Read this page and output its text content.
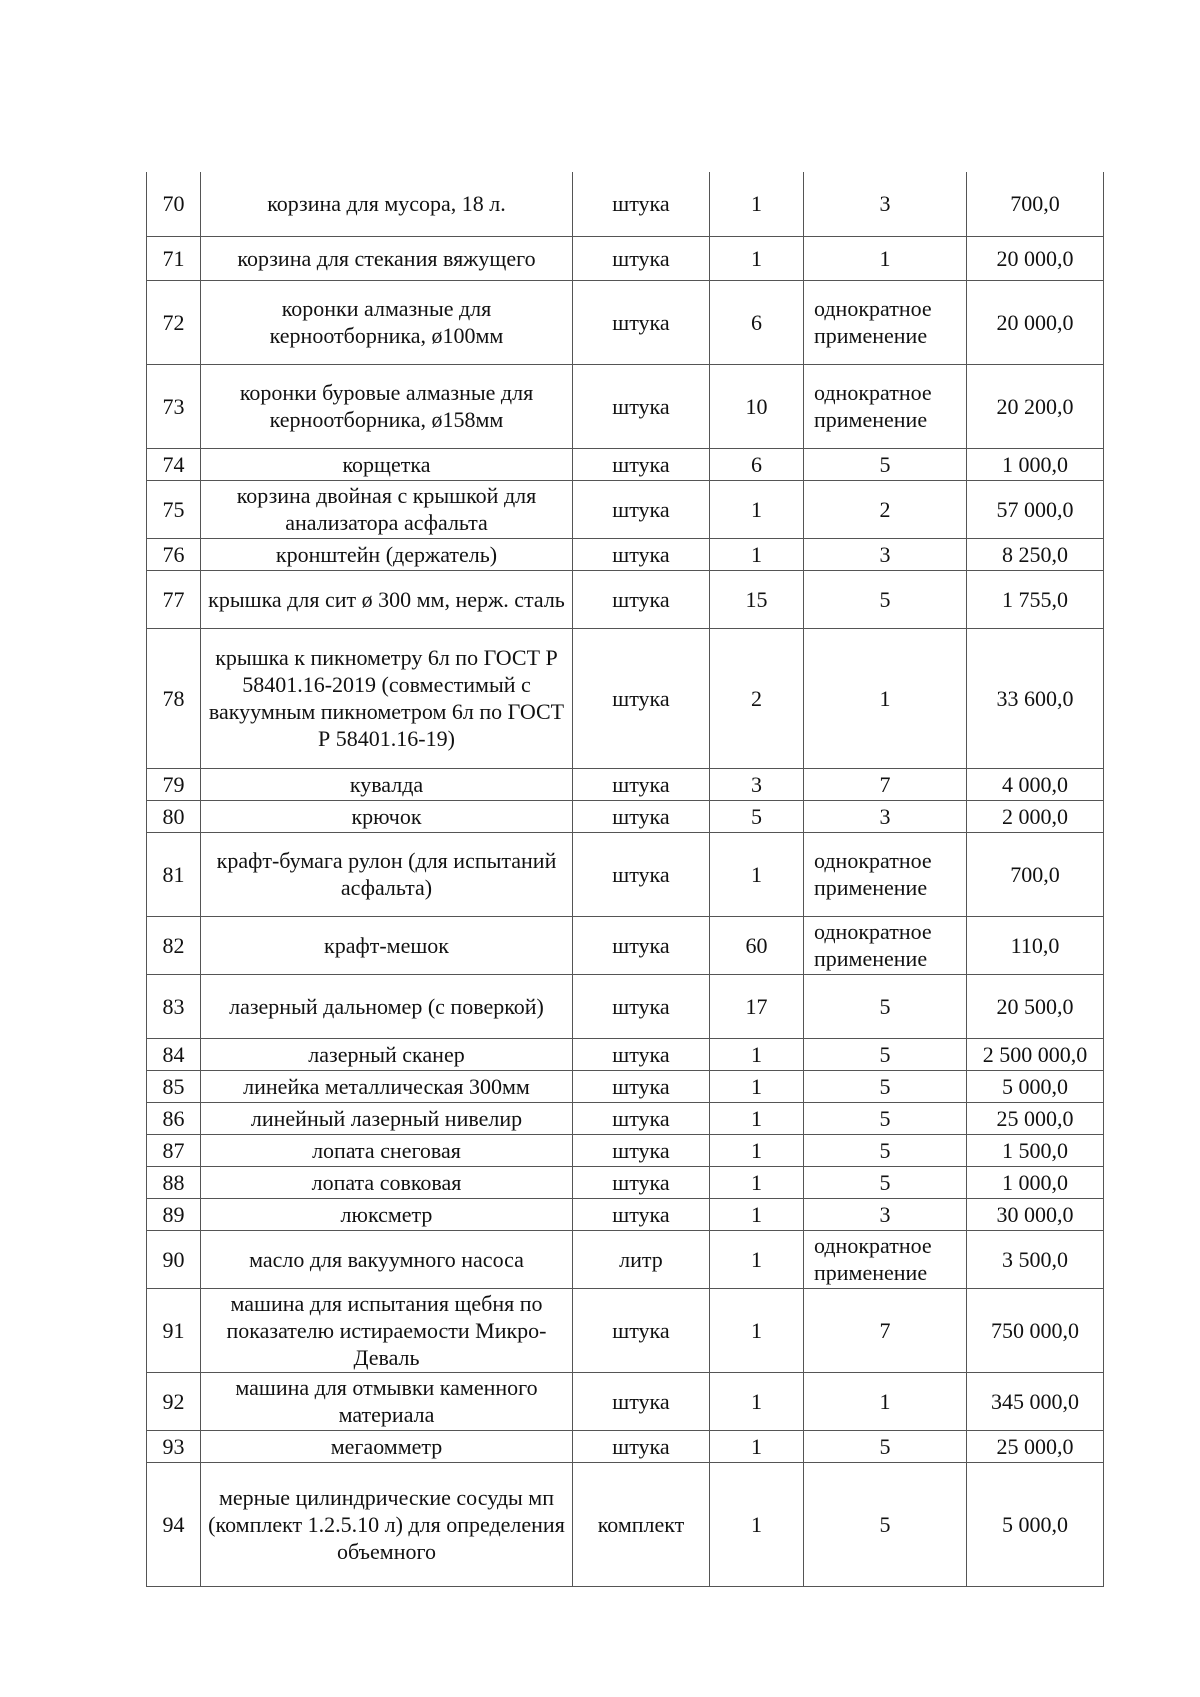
70	корзина для мусора, 18 л.	штука	1	3	700,0
71	корзина для стекания вяжущего	штука	1	1	20 000,0
72	коронки алмазные для керноотборника, ø100мм	штука	6	однократное применение	20 000,0
73	коронки буровые алмазные для керноотборника, ø158мм	штука	10	однократное применение	20 200,0
74	корщетка	штука	6	5	1 000,0
75	корзина двойная с крышкой для анализатора асфальта	штука	1	2	57 000,0
76	кронштейн (держатель)	штука	1	3	8 250,0
77	крышка для сит ø 300 мм, нерж. сталь	штука	15	5	1 755,0
78	крышка к пикнометру 6л по ГОСТ Р 58401.16-2019 (совместимый с вакуумным пикнометром 6л по ГОСТ Р 58401.16-19)	штука	2	1	33 600,0
79	кувалда	штука	3	7	4 000,0
80	крючок	штука	5	3	2 000,0
81	крафт-бумага рулон (для испытаний асфальта)	штука	1	однократное применение	700,0
82	крафт-мешок	штука	60	однократное применение	110,0
83	лазерный дальномер (с поверкой)	штука	17	5	20 500,0
84	лазерный сканер	штука	1	5	2 500 000,0
85	линейка металлическая 300мм	штука	1	5	5 000,0
86	линейный лазерный нивелир	штука	1	5	25 000,0
87	лопата снеговая	штука	1	5	1 500,0
88	лопата совковая	штука	1	5	1 000,0
89	люксметр	штука	1	3	30 000,0
90	масло для вакуумного насоса	литр	1	однократное применение	3 500,0
91	машина для испытания щебня по показателю истираемости Микро-Деваль	штука	1	7	750 000,0
92	машина для отмывки каменного материала	штука	1	1	345 000,0
93	мегаомметр	штука	1	5	25 000,0
94	мерные цилиндрические сосуды мп (комплект 1.2.5.10 л) для определения объемного	комплект	1	5	5 000,0
